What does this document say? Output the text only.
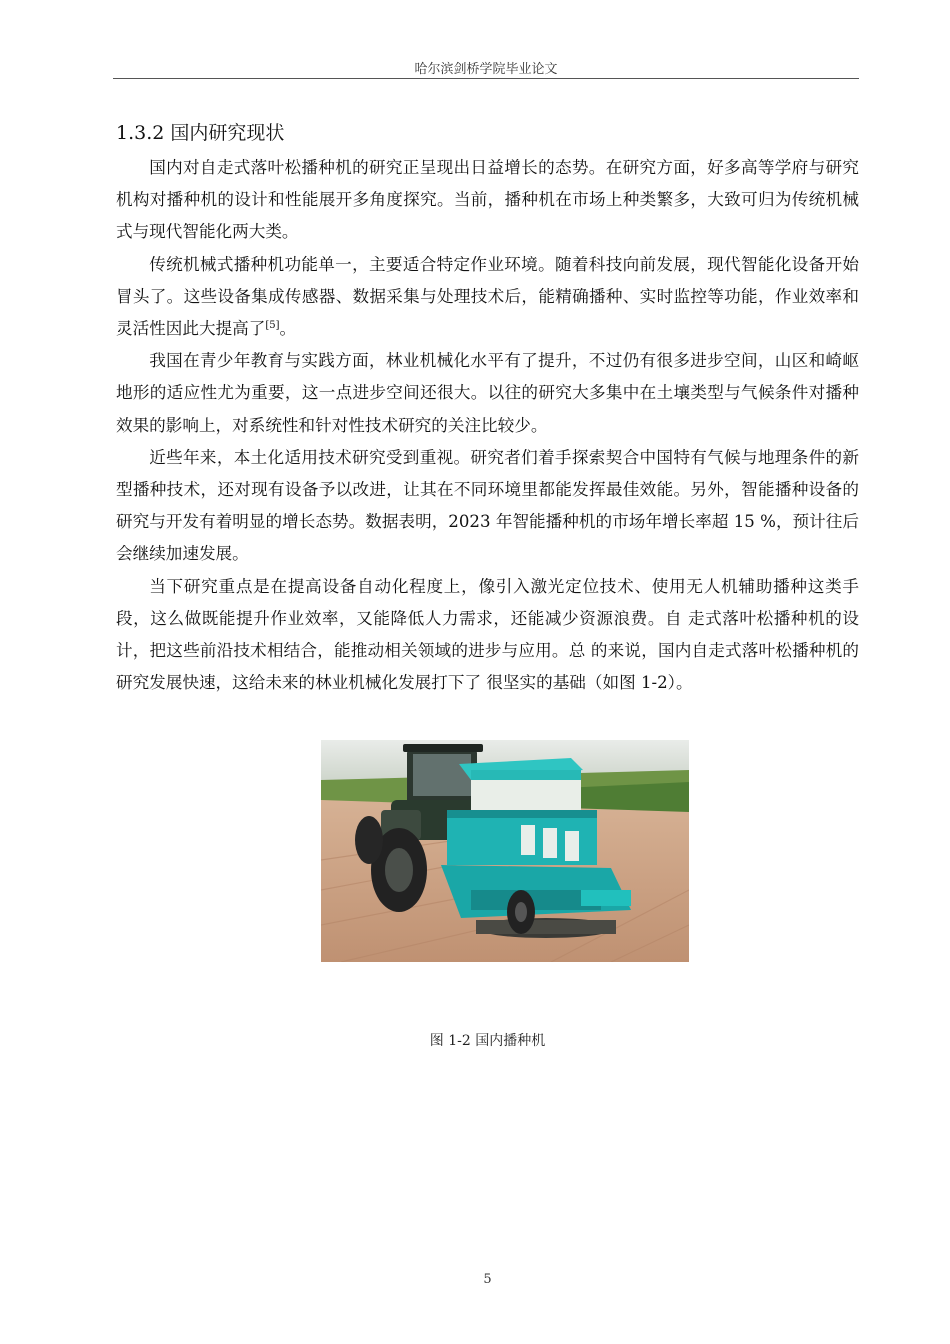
哈尔滨剑桥学院毕业论文
1.3.2 国内研究现状

国内对自走式落叶松播种机的研究正呈现出日益增长的态势。在研究方面，好多高等学府与研究机构对播种机的设计和性能展开多角度探究。当前，播种机在市场上种类繁多，大致可归为传统机械式与现代智能化两大类。

传统机械式播种机功能单一，主要适合特定作业环境。随着科技向前发展，现代智能化设备开始冒头了。这些设备集成传感器、数据采集与处理技术后，能精确播种、实时监控等功能，作业效率和灵活性因此大提高了[5]。

我国在青少年教育与实践方面，林业机械化水平有了提升，不过仍有很多进步空间，山区和崎岖地形的适应性尤为重要，这一点进步空间还很大。以往的研究大多集中在土壤类型与气候条件对播种效果的影响上，对系统性和针对性技术研究的关注比较少。

近些年来，本土化适用技术研究受到重视。研究者们着手探索契合中国特有气候与地理条件的新型播种技术，还对现有设备予以改进，让其在不同环境里都能发挥最佳效能。另外，智能播种设备的研究与开发有着明显的增长态势。数据表明，2023 年智能播种机的市场年增长率超 15 %，预计往后会继续加速发展。

当下研究重点是在提高设备自动化程度上，像引入激光定位技术、使用无人机辅助播种这类手段，这么做既能提升作业效率，又能降低人力需求，还能减少资源浪费。自 走式落叶松播种机的设计，把这些前沿技术相结合，能推动相关领域的进步与应用。总 的来说，国内自走式落叶松播种机的研究发展快速，这给未来的林业机械化发展打下了 很坚实的基础（如图 1-2）。

图 1-2 国内播种机
5
